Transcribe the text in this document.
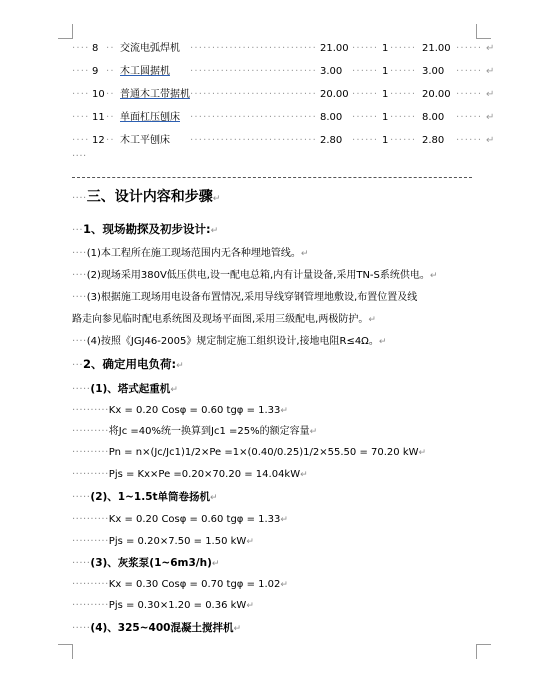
···· 8 ·· 交流电弧焊机 ····························· 21.00 ······ 1 ······ 21.00 ······ ↵
···· 9 ·· 木工圆据机 ····························· 3.00 ······ 1 ······ 3.00 ······ ↵
···· 10 ·· 普通木工带据机 ····························· 20.00 ······ 1 ······ 20.00 ······ ↵
···· 11 ·· 单面杠压刨床 ····························· 8.00 ······ 1 ······ 8.00 ······ ↵
···· 12 ·· 木工平刨床 ····························· 2.80 ······ 1 ······ 2.80 ······ ↵
····
····三、设计内容和步骤↵
···1、现场勘探及初步设计:↵
····(1)本工程所在施工现场范围内无各种埋地管线。↵
····(2)现场采用380V低压供电,设一配电总箱,内有计量设备,采用TN-S系统供电。↵
····(3)根据施工现场用电设备布置情况,采用导线穿钢管埋地敷设,布置位置及线
路走向参见临时配电系统图及现场平面图,采用三级配电,两极防护。↵
····(4)按照《JGJ46-2005》规定制定施工组织设计,接地电阻R≤4Ω。↵
···2、确定用电负荷:↵
·····(1)、塔式起重机↵
··········Kx = 0.20 Cosφ = 0.60 tgφ = 1.33↵
··········将Jc =40%统一换算到Jc1 =25%的额定容量↵
··········Pn = n×(Jc/Jc1)1/2×Pe =1×(0.40/0.25)1/2×55.50 = 70.20 kW↵
··········Pjs = Kx×Pe =0.20×70.20 = 14.04kW↵
·····(2)、1~1.5t单筒卷扬机↵
··········Kx = 0.20 Cosφ = 0.60 tgφ = 1.33↵
··········Pjs = 0.20×7.50 = 1.50 kW↵
·····(3)、灰浆泵(1~6m3/h)↵
··········Kx = 0.30 Cosφ = 0.70 tgφ = 1.02↵
··········Pjs = 0.30×1.20 = 0.36 kW↵
·····(4)、325~400混凝土搅拌机↵
